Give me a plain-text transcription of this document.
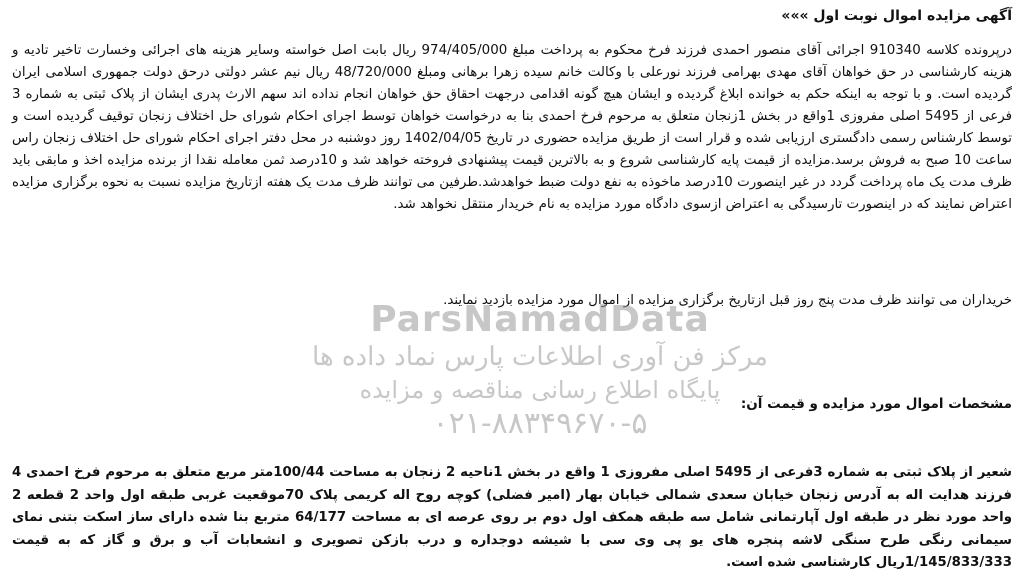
آگهی مزایده اموال نوبت اول »»»
درپرونده کلاسه 910340 اجرائی آقای منصور احمدی فرزند فرخ محکوم به پرداخت مبلغ 974/405/000 ریال بابت اصل خواسته وسایر هزینه های اجرائی وخسارت تاخیر تادیه و هزینه کارشناسی در حق خواهان آقای مهدی بهرامی فرزند نورعلی با وکالت خانم سیده زهرا برهانی ومبلغ 48/720/000 ریال نیم عشر دولتی درحق دولت جمهوری اسلامی ایران گردیده است. و با توجه به اینکه حکم به خوانده ابلاغ گردیده و ایشان هیچ گونه اقدامی درجهت احقاق حق خواهان انجام نداده اند سهم الارث پدری ایشان از پلاک ثبتی به شماره 3 فرعی از 5495 اصلی مفروزی 1واقع در بخش 1زنجان متعلق به مرحوم فرخ احمدی بنا به درخواست خواهان توسط اجرای احکام شورای حل اختلاف زنجان توقیف گردیده است و توسط کارشناس رسمی دادگستری ارزیابی شده و قرار است از طریق مزایده حضوری در تاریخ 1402/04/05 روز دوشنبه در محل دفتر اجرای احکام شورای حل اختلاف زنجان راس ساعت 10 صبح به فروش برسد.مزایده از قیمت پایه کارشناسی شروع و به بالاترین قیمت پیشنهادی فروخته خواهد شد و 10درصد ثمن معامله نقدا از برنده مزایده اخذ و مابقی باید ظرف مدت یک ماه پرداخت گردد در غیر اینصورت 10درصد ماخوذه به نفع دولت ضبط خواهدشد.طرفین می توانند ظرف مدت یک هفته ازتاریخ مزایده نسبت به نحوه برگزاری مزایده اعتراض نمایند که در اینصورت تارسیدگی به اعتراض ازسوی دادگاه مورد مزایده به نام خریدار منتقل نخواهد شد.
خریداران می توانند ظرف مدت پنج روز قبل ازتاریخ برگزاری مزایده از اموال مورد مزایده بازدید نمایند.
ParsNamadData
مرکز فن آوری اطلاعات پارس نماد داده ها
پایگاه اطلاع رسانی مناقصه و مزایده
۰۲۱-۸۸۳۴۹۶۷۰-۵
مشخصات اموال مورد مزایده و قیمت آن:
شعیر از پلاک ثبتی به شماره 3فرعی از 5495 اصلی مفروزی 1 واقع در بخش 1ناحیه 2 زنجان به مساحت 100/44متر مربع متعلق به مرحوم فرخ احمدی 4 فرزند هدایت اله به آدرس زنجان خیابان سعدی شمالی خیابان بهار (امیر فضلی) کوچه روح اله کریمی پلاک 70موقعیت غربی طبقه اول واحد 2 قطعه 2 واحد مورد نظر در طبقه اول آپارتمانی شامل سه طبقه همکف اول دوم بر روی عرصه ای به مساحت 64/177 متربع بنا شده دارای ساز اسکت بتنی نمای سیمانی رنگی طرح سنگی لاشه پنجره های یو پی وی سی با شیشه دوجداره و درب بازکن تصویری و انشعابات آب و برق و گاز که به قیمت 1/145/833/333ریال کارشناسی شده است.
